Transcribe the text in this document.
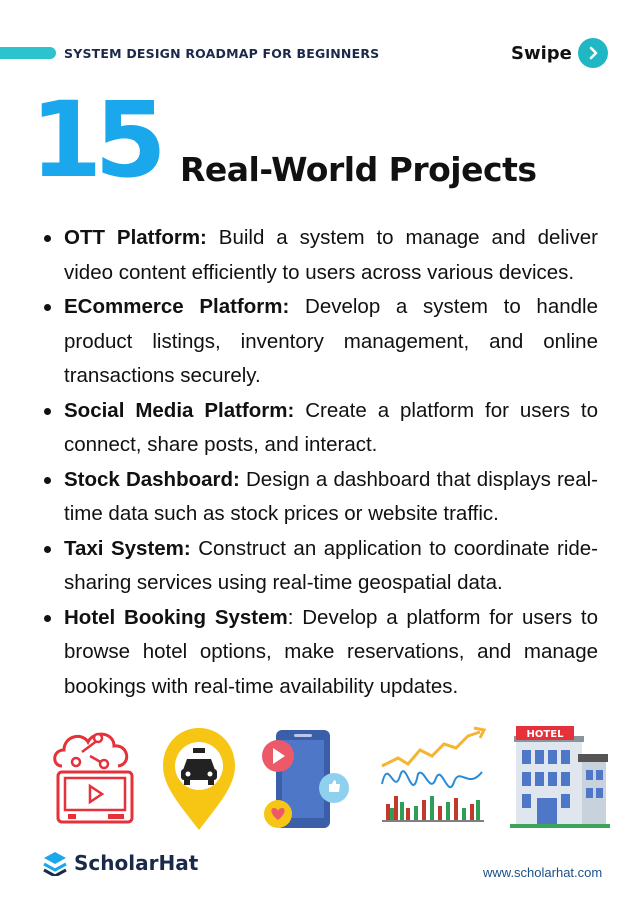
SYSTEM DESIGN ROADMAP FOR BEGINNERS	Swipe
15 Real-World Projects
OTT Platform: Build a system to manage and deliver video content efficiently to users across various devices.
ECommerce Platform: Develop a system to handle product listings, inventory management, and online transactions securely.
Social Media Platform: Create a platform for users to connect, share posts, and interact.
Stock Dashboard: Design a dashboard that displays real-time data such as stock prices or website traffic.
Taxi System: Construct an application to coordinate ride-sharing services using real-time geospatial data.
Hotel Booking System: Develop a platform for users to browse hotel options, make reservations, and manage bookings with real-time availability updates.
HOTEL
ScholarHat	www.scholarhat.com
